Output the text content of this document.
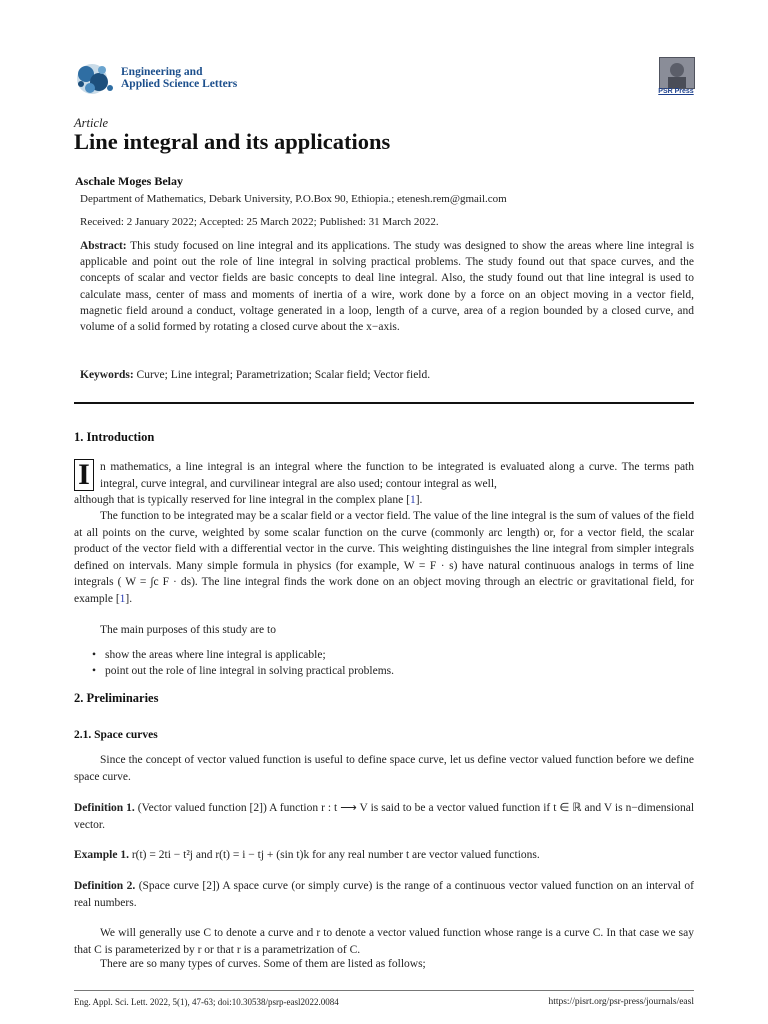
Engineering and
Applied Science Letters
PSR Press
Article
Line integral and its applications
Aschale Moges Belay
Department of Mathematics, Debark University, P.O.Box 90, Ethiopia.; etenesh.rem@gmail.com
Received: 2 January 2022; Accepted: 25 March 2022; Published: 31 March 2022.
Abstract: This study focused on line integral and its applications. The study was designed to show the areas where line integral is applicable and point out the role of line integral in solving practical problems. The study found out that space curves, and the concepts of scalar and vector fields are basic concepts to deal line integral. Also, the study found out that line integral is used to calculate mass, center of mass and moments of inertia of a wire, work done by a force on an object moving in a vector field, magnetic field around a conduct, voltage generated in a loop, length of a curve, area of a region bounded by a closed curve, and volume of a solid formed by rotating a closed curve about the x−axis.
Keywords: Curve; Line integral; Parametrization; Scalar field; Vector field.
1. Introduction
I n mathematics, a line integral is an integral where the function to be integrated is evaluated along a curve. The terms path integral, curve integral, and curvilinear integral are also used; contour integral as well,
although that is typically reserved for line integral in the complex plane [1].
The function to be integrated may be a scalar field or a vector field. The value of the line integral is the sum of values of the field at all points on the curve, weighted by some scalar function on the curve (commonly arc length) or, for a vector field, the scalar product of the vector field with a differential vector in the curve. This weighting distinguishes the line integral from simpler integrals defined on intervals. Many simple formula in physics (for example, W = F · s) have natural continuous analogs in terms of line integrals ( W = ∫c F · ds). The line integral finds the work done on an object moving through an electric or gravitational field, for example [1].
The main purposes of this study are to
• show the areas where line integral is applicable;
• point out the role of line integral in solving practical problems.
2. Preliminaries
2.1. Space curves
Since the concept of vector valued function is useful to define space curve, let us define vector valued function before we define space curve.
Definition 1. (Vector valued function [2]) A function r : t ⟶ V is said to be a vector valued function if t ∈ ℝ and V is n−dimensional vector.
Example 1. r(t) = 2ti − t²j and r(t) = i − tj + (sin t)k for any real number t are vector valued functions.
Definition 2. (Space curve [2]) A space curve (or simply curve) is the range of a continuous vector valued function on an interval of real numbers.
We will generally use C to denote a curve and r to denote a vector valued function whose range is a curve C. In that case we say that C is parameterized by r or that r is a parametrization of C.
There are so many types of curves. Some of them are listed as follows;
Eng. Appl. Sci. Lett. 2022, 5(1), 47-63; doi:10.30538/psrp-easl2022.0084	https://pisrt.org/psr-press/journals/easl
